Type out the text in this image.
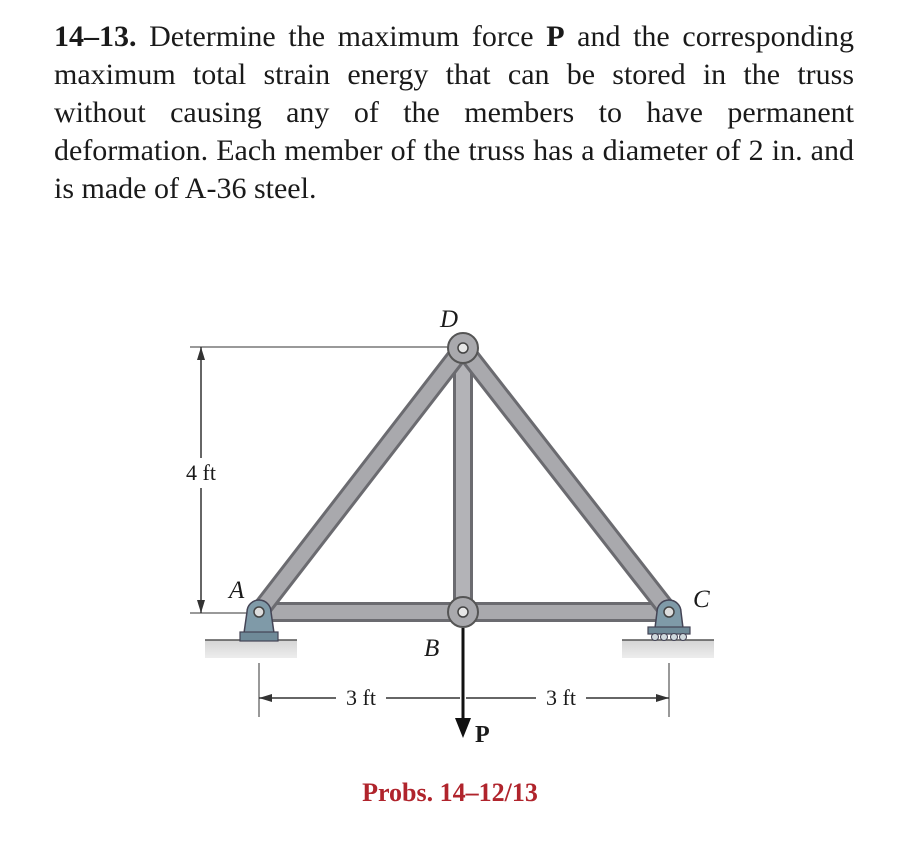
14–13. Determine the maximum force P and the corresponding maximum total strain energy that can be stored in the truss without causing any of the members to have permanent deformation. Each member of the truss has a diameter of 2 in. and is made of A-36 steel.
4 ft
D
A
B
C
3 ft	3 ft
P
Probs. 14–12/13
